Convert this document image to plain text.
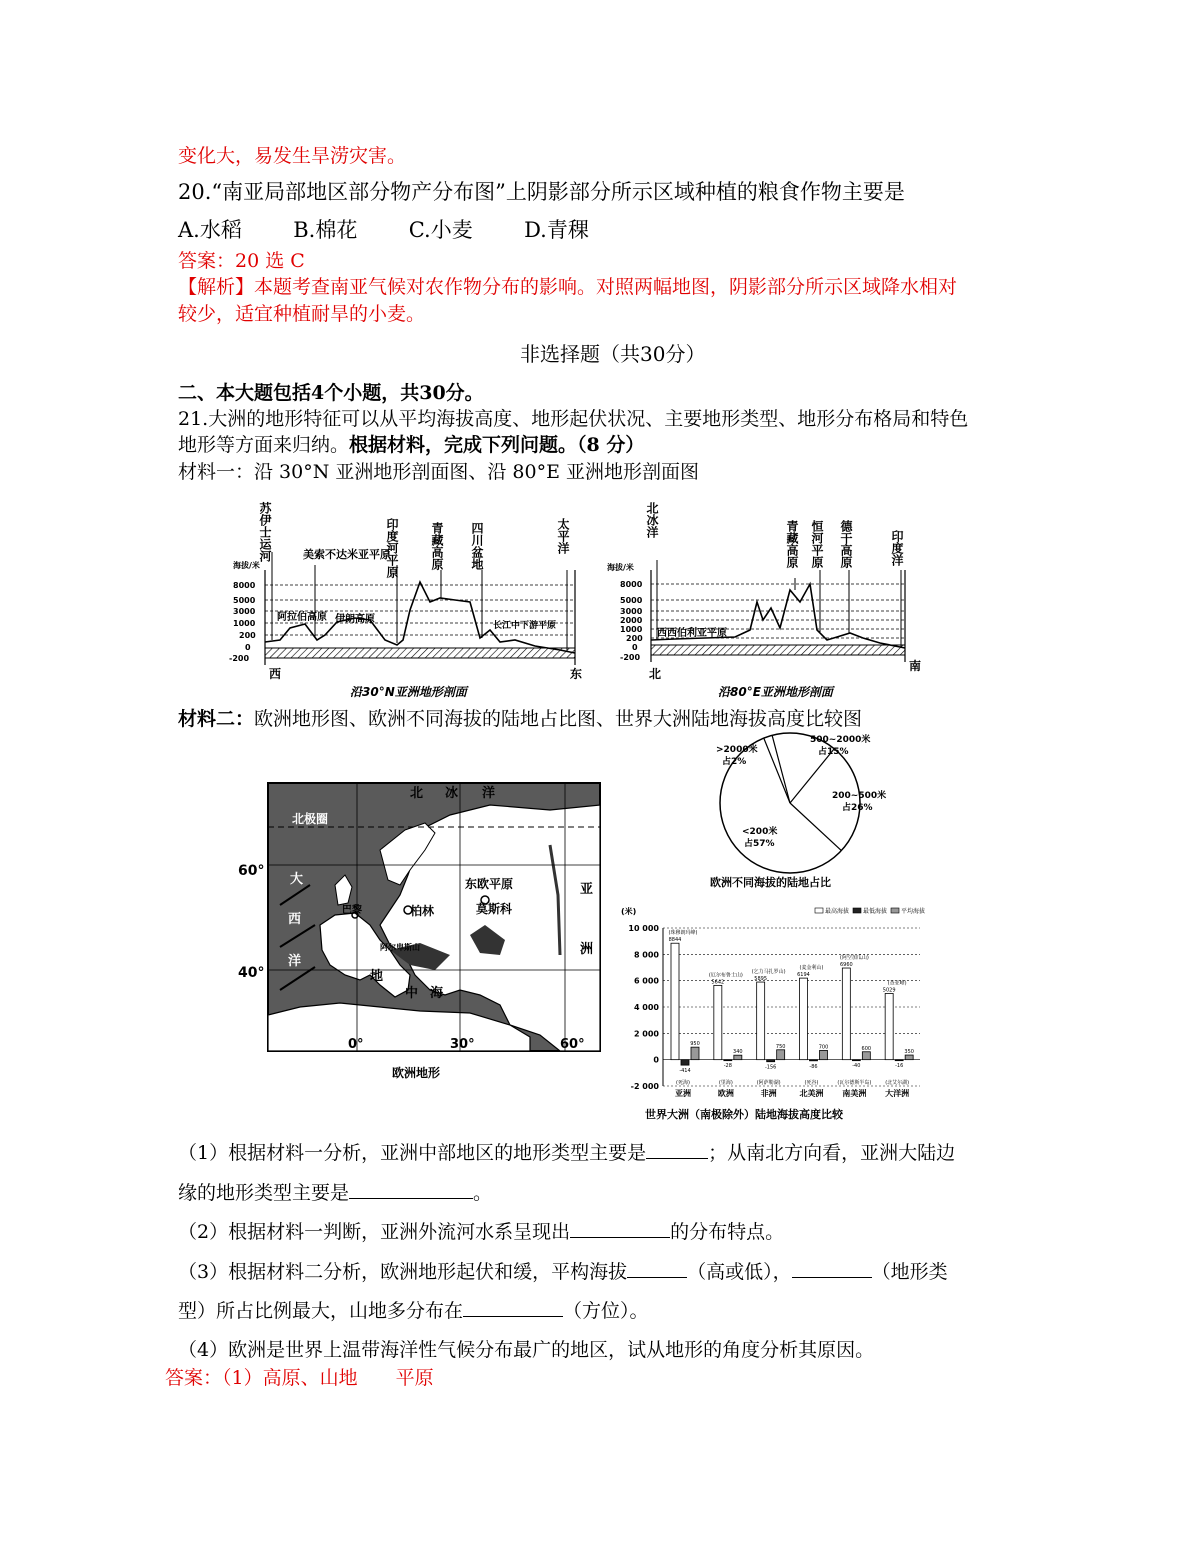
变化大，易发生旱涝灾害。
20.“南亚局部地区部分物产分布图”上阴影部分所示区域种植的粮食作物主要是
A.水稻 B.棉花 C.小麦 D.青稞
答案：20 选 C
【解析】本题考查南亚气候对农作物分布的影响。对照两幅地图，阴影部分所示区域降水相对
较少，适宜种植耐旱的小麦。
非选择题（共30分）
二、本大题包括4个小题，共30分。
21.大洲的地形特征可以从平均海拔高度、地形起伏状况、主要地形类型、地形分布格局和特色
地形等方面来归纳。根据材料，完成下列问题。（8 分）
材料一：沿 30°N 亚洲地形剖面图、沿 80°E 亚洲地形剖面图
海拔/米
8000
5000
3000
1000
200
0
-200
苏伊士运河	美索不达米亚平原
印度河平原	青藏高原 四川盆地	太平洋
阿拉伯高原 伊朗高原
长江中下游平原
西	东
沿30°N亚洲地形剖面
海拔/米
8000
5000
3000
2000
1000
200
0
-200
北冰洋	青藏高原 恒河平原 德干高原	印度洋
西西伯利亚平原
北
南
沿80°E亚洲地形剖面
材料二：欧洲地形图、欧洲不同海拔的陆地占比图、世界大洲陆地海拔高度比较图
北 冰 洋
北极圈
大
西
洋
东欧平原
莫斯科
柏林
亚
洲
巴黎
阿尔卑斯山
中 海
地
60°
40°
0°	30°	60°
欧洲地形
>2000米
占2%
500~2000米
占15%
200~500米
占26%
<200米
占57%
欧洲不同海拔的陆地占比
10 000
8 000
6 000
4 000
2 000
0
-2 000
8844
-414
950
(珠穆朗玛峰)
(死海)
亚洲
5642
-28
340
(厄尔布鲁士山)
(里海)
欧洲
5895
-156
750
(乞力马扎罗山)
(阿萨勒湖)
非洲
6194
-86
700
(麦金利山)
(死谷)
北美洲
6960
-40
600
(阿空加瓜山)
(瓦尔德斯半岛)
南美洲
5029
-16
350
(查亚峰)
(北艾尔湖)
大洋洲
最高海拔 最低海拔 平均海拔
(米)
世界大洲（南极除外）陆地海拔高度比较
（1）根据材料一分析，亚洲中部地区的地形类型主要是	；从南北方向看，亚洲大陆边
缘的地形类型主要是	。
（2）根据材料一判断，亚洲外流河水系呈现出	的分布特点。
（3）根据材料二分析，欧洲地形起伏和缓，平构海拔	（高或低），	（地形类
型）所占比例最大，山地多分布在	（方位）。
（4）欧洲是世界上温带海洋性气候分布最广的地区，试从地形的角度分析其原因。
答案：（1）高原、山地　　平原
